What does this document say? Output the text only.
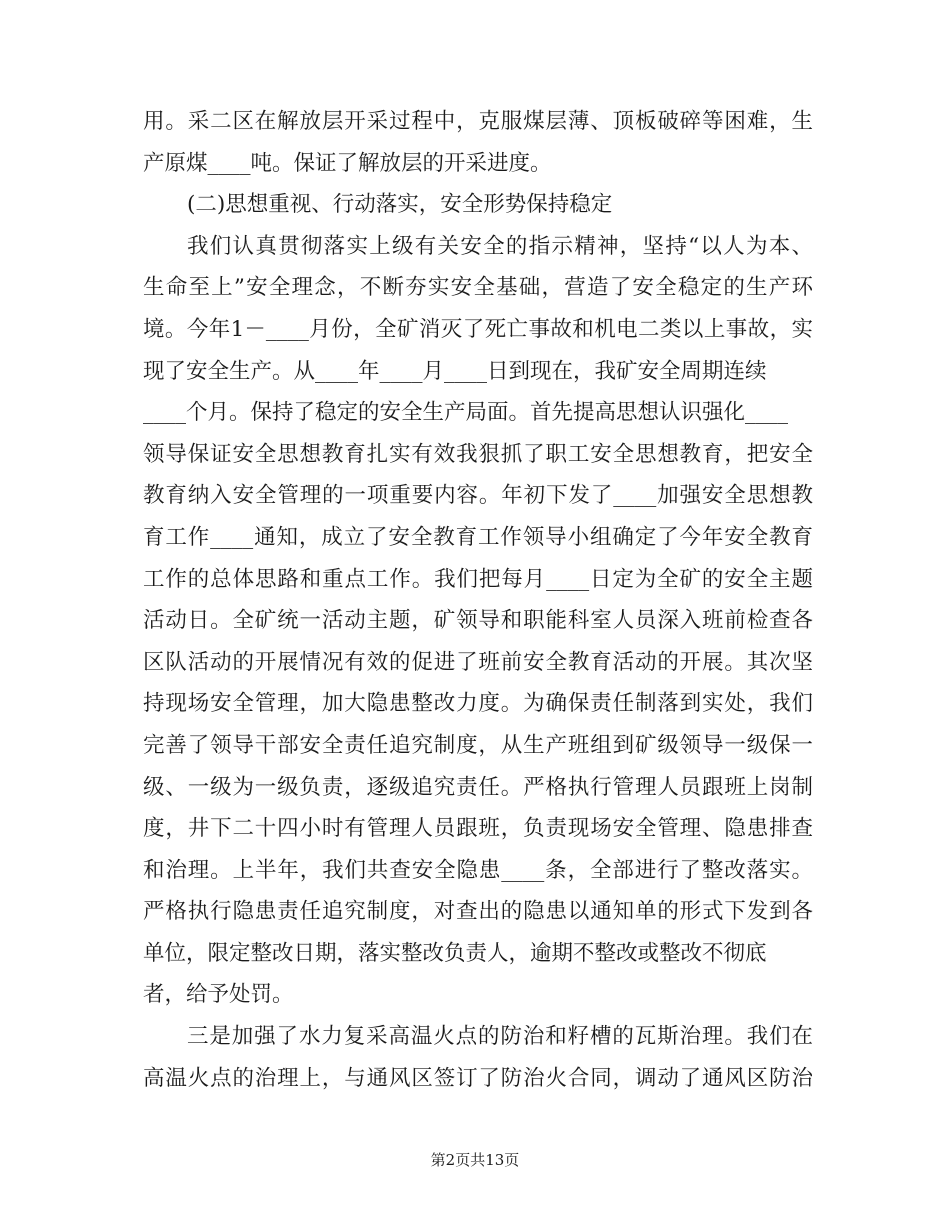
用。采二区在解放层开采过程中，克服煤层薄、顶板破碎等困难，生
产原煤____吨。保证了解放层的开采进度。
(二)思想重视、行动落实，安全形势保持稳定
我们认真贯彻落实上级有关安全的指示精神，坚持“以人为本、
生命至上”安全理念，不断夯实安全基础，营造了安全稳定的生产环
境。今年1－____月份，全矿消灭了死亡事故和机电二类以上事故，实
现了安全生产。从____年____月____日到现在，我矿安全周期连续
____个月。保持了稳定的安全生产局面。首先提高思想认识强化____
领导保证安全思想教育扎实有效我狠抓了职工安全思想教育，把安全
教育纳入安全管理的一项重要内容。年初下发了____加强安全思想教
育工作____通知，成立了安全教育工作领导小组确定了今年安全教育
工作的总体思路和重点工作。我们把每月____日定为全矿的安全主题
活动日。全矿统一活动主题，矿领导和职能科室人员深入班前检查各
区队活动的开展情况有效的促进了班前安全教育活动的开展。其次坚
持现场安全管理，加大隐患整改力度。为确保责任制落到实处，我们
完善了领导干部安全责任追究制度，从生产班组到矿级领导一级保一
级、一级为一级负责，逐级追究责任。严格执行管理人员跟班上岗制
度，井下二十四小时有管理人员跟班，负责现场安全管理、隐患排查
和治理。上半年，我们共查安全隐患____条，全部进行了整改落实。
严格执行隐患责任追究制度，对查出的隐患以通知单的形式下发到各
单位，限定整改日期，落实整改负责人，逾期不整改或整改不彻底
者，给予处罚。
三是加强了水力复采高温火点的防治和籽槽的瓦斯治理。我们在
高温火点的治理上，与通风区签订了防治火合同，调动了通风区防治
第2页共13页
